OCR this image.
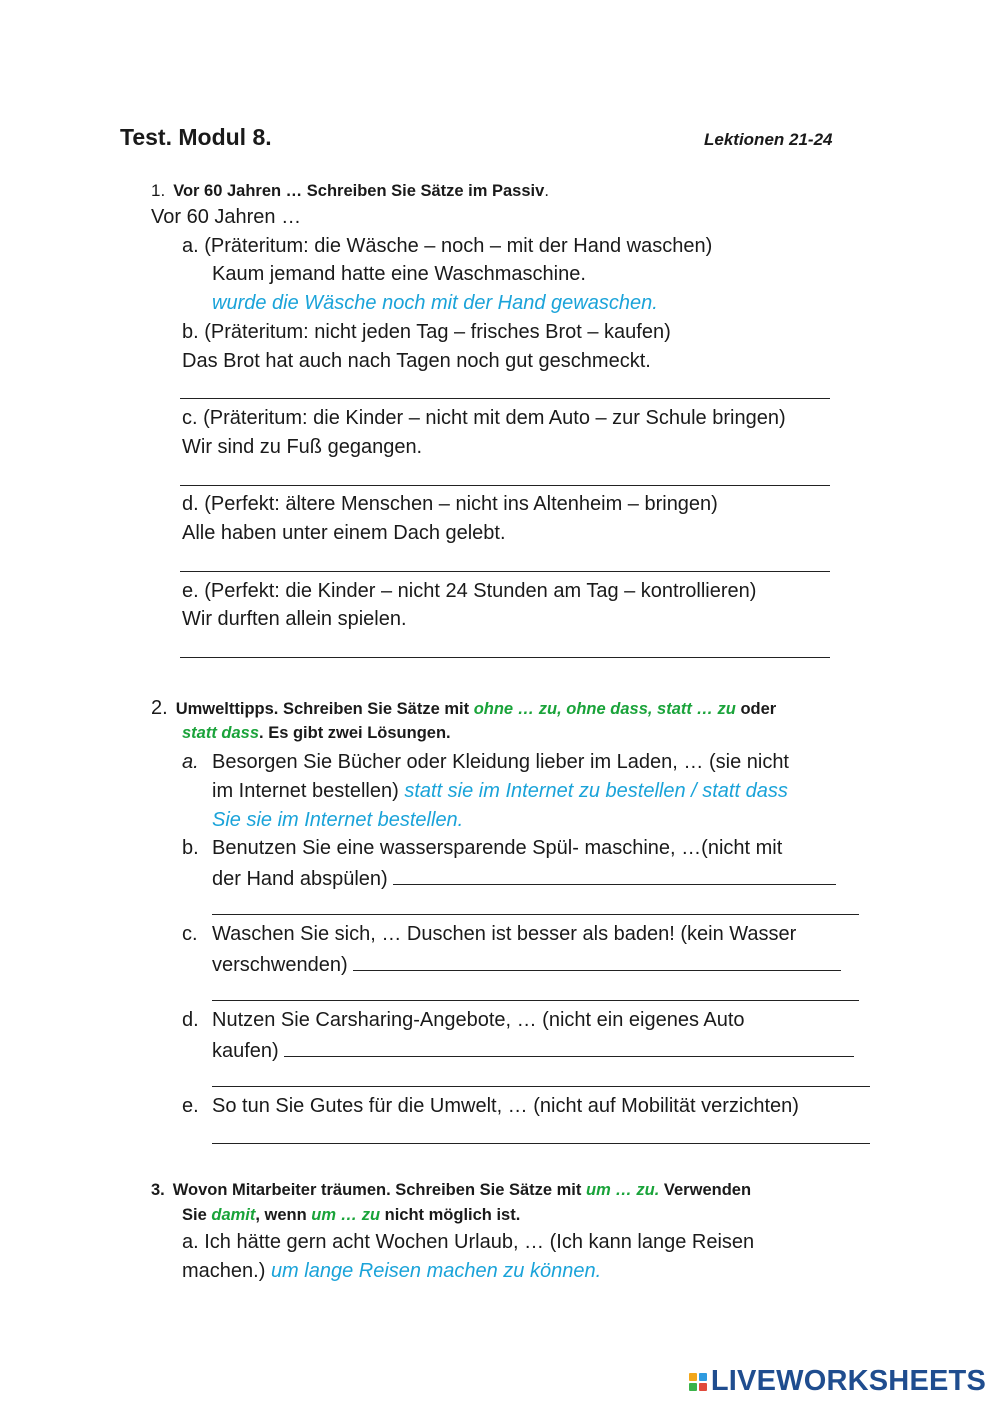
Test. Modul 8.	Lektionen 21-24
1. Vor 60 Jahren … Schreiben Sie Sätze im Passiv.
Vor 60 Jahren …
a. (Präteritum: die Wäsche – noch – mit der Hand waschen)
Kaum jemand hatte eine Waschmaschine.
wurde die Wäsche noch mit der Hand gewaschen.
b. (Präteritum: nicht jeden Tag – frisches Brot – kaufen)
Das Brot hat auch nach Tagen noch gut geschmeckt.
c. (Präteritum: die Kinder – nicht mit dem Auto – zur Schule bringen)
Wir sind zu Fuß gegangen.
d. (Perfekt: ältere Menschen – nicht ins Altenheim – bringen)
Alle haben unter einem Dach gelebt.
e. (Perfekt: die Kinder – nicht 24 Stunden am Tag – kontrollieren)
Wir durften allein spielen.
2. Umwelttipps. Schreiben Sie Sätze mit ohne … zu, ohne dass, statt … zu oder
statt dass. Es gibt zwei Lösungen.
a. Besorgen Sie Bücher oder Kleidung lieber im Laden, … (sie nicht
im Internet bestellen) statt sie im Internet zu bestellen / statt dass
Sie sie im Internet bestellen.
b. Benutzen Sie eine wassersparende Spül- maschine, …(nicht mit
der Hand abspülen)
c. Waschen Sie sich, … Duschen ist besser als baden! (kein Wasser
verschwenden)
d. Nutzen Sie Carsharing-Angebote, … (nicht ein eigenes Auto
kaufen)
e. So tun Sie Gutes für die Umwelt, … (nicht auf Mobilität verzichten)
3. Wovon Mitarbeiter träumen. Schreiben Sie Sätze mit um … zu. Verwenden
Sie damit, wenn um … zu nicht möglich ist.
a. Ich hätte gern acht Wochen Urlaub, … (Ich kann lange Reisen
machen.) um lange Reisen machen zu können.
LIVEWORKSHEETS
